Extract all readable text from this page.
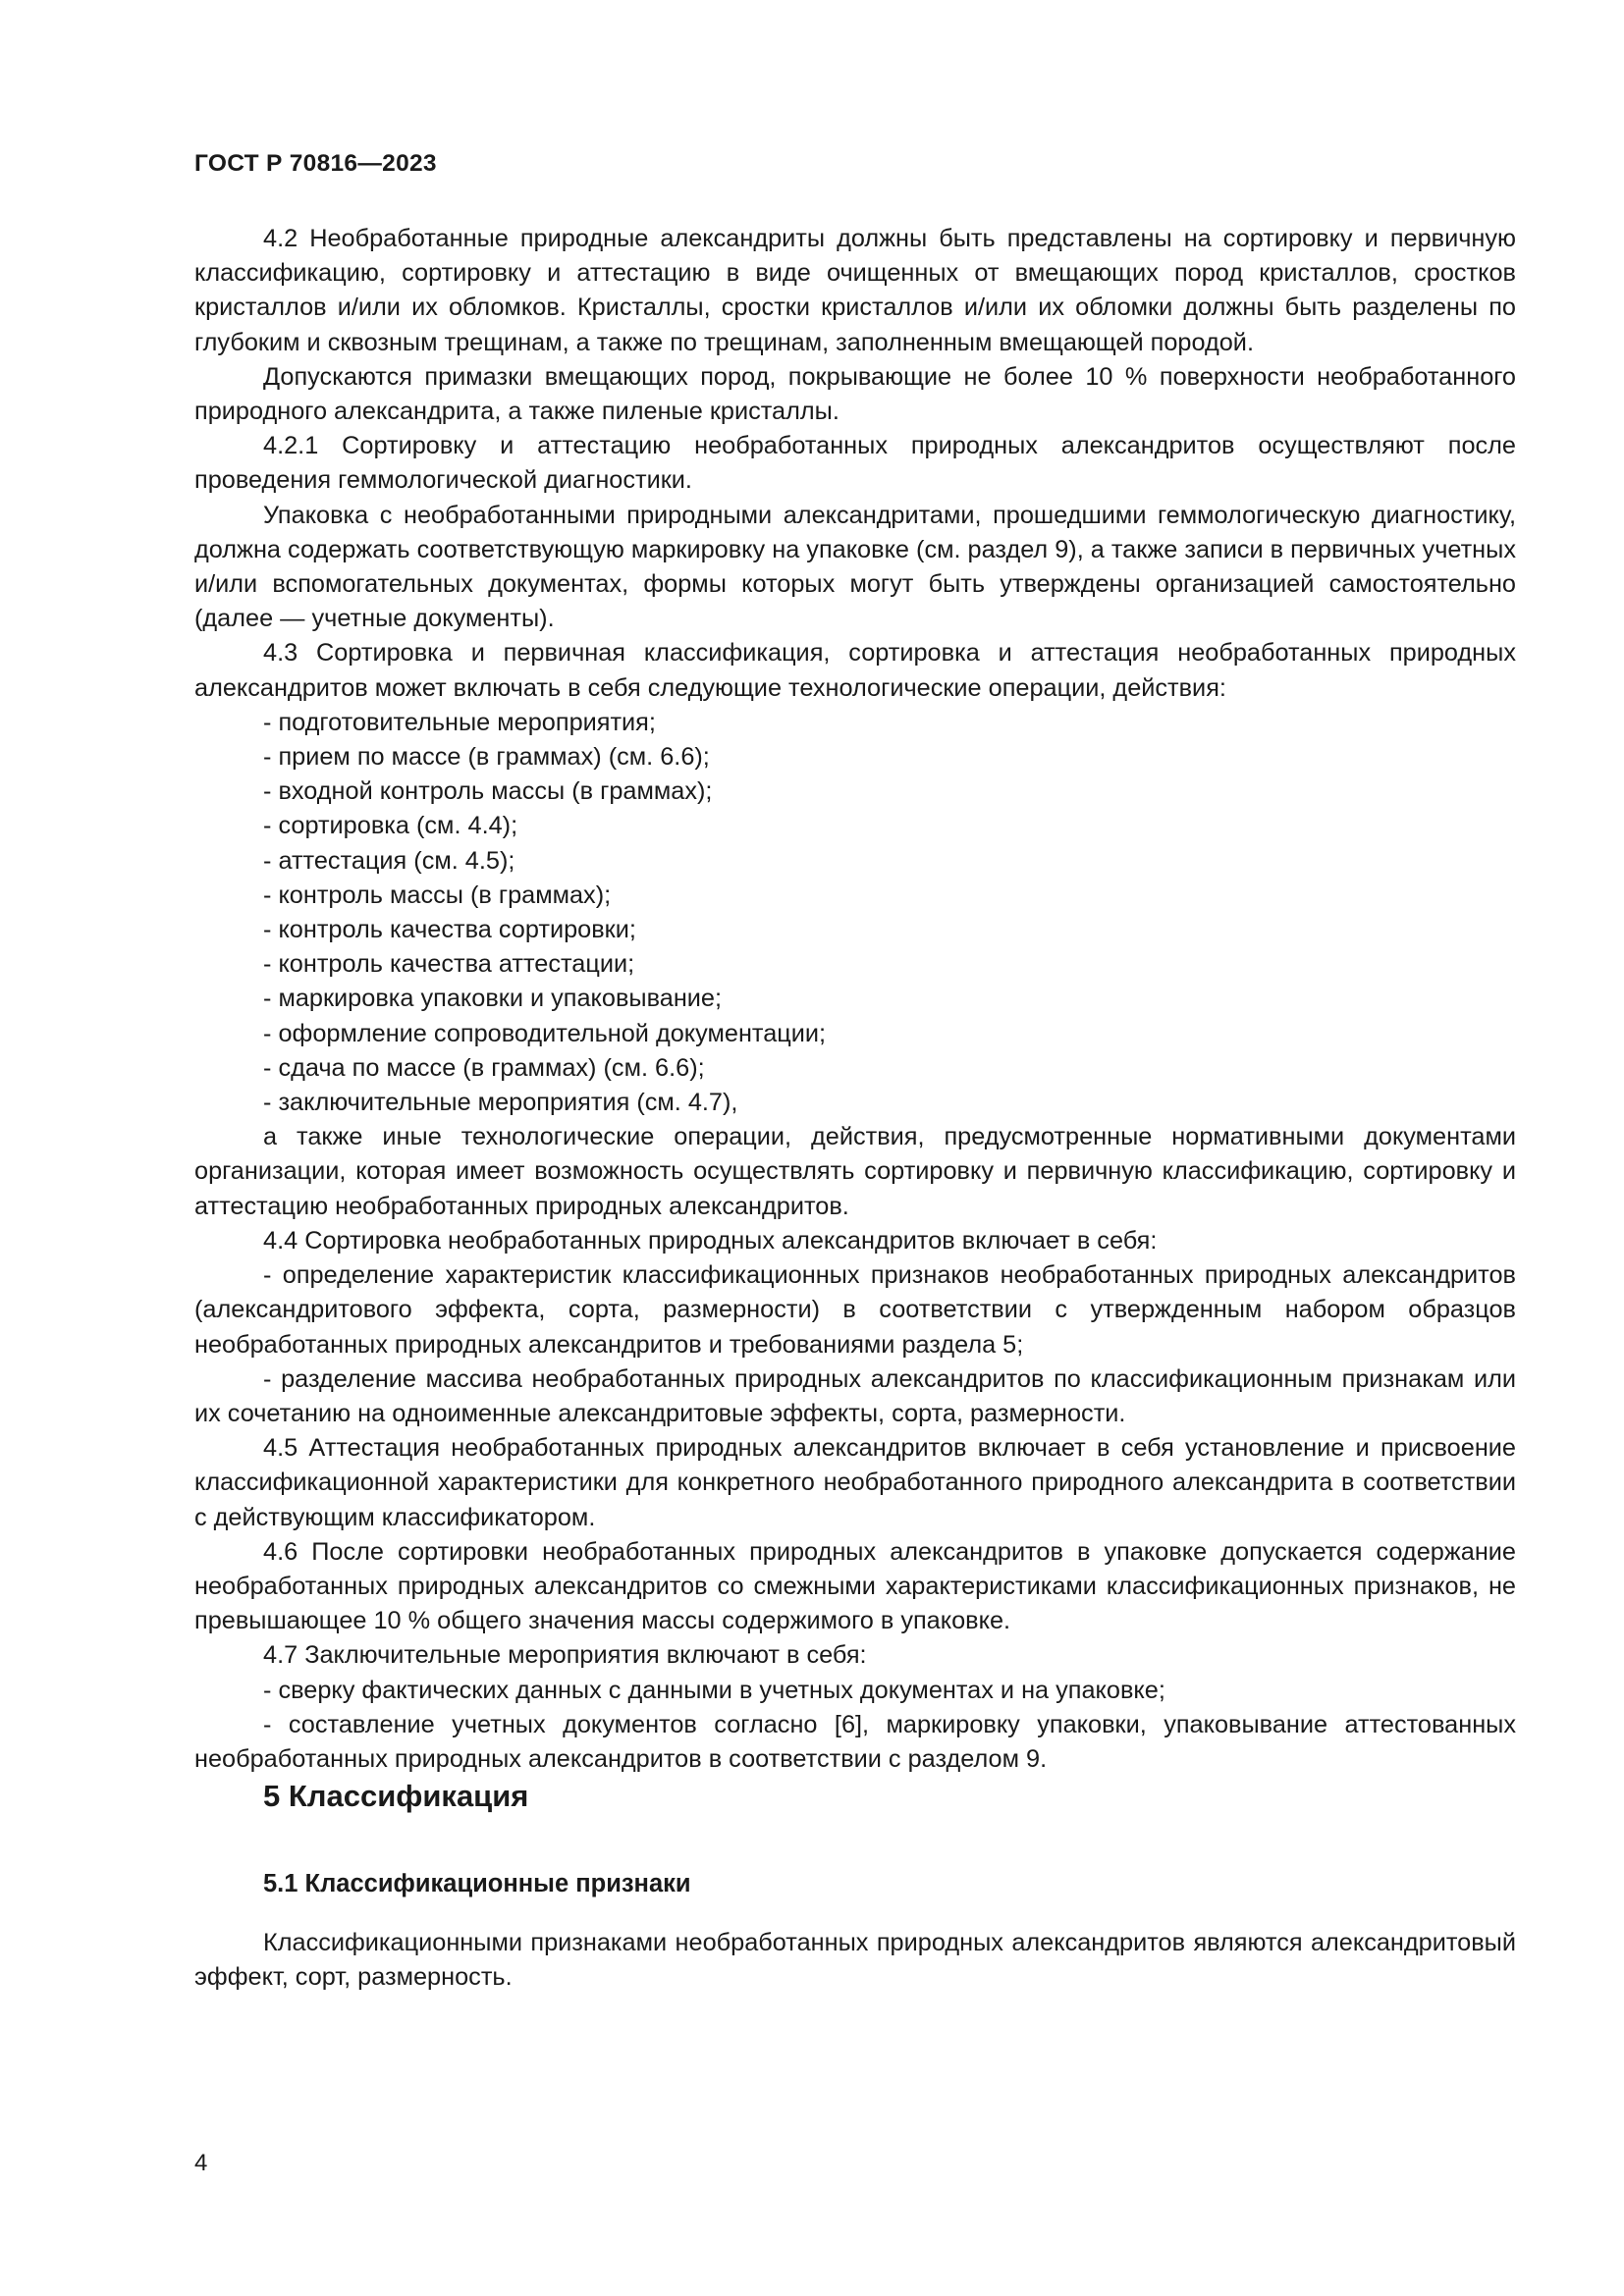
ГОСТ Р 70816—2023

4.2 Необработанные природные александриты должны быть представлены на сортировку и первичную классификацию, сортировку и аттестацию в виде очищенных от вмещающих пород кристаллов, сростков кристаллов и/или их обломков. Кристаллы, сростки кристаллов и/или их обломки должны быть разделены по глубоким и сквозным трещинам, а также по трещинам, заполненным вмещающей породой.

Допускаются примазки вмещающих пород, покрывающие не более 10 % поверхности необработанного природного александрита, а также пиленые кристаллы.

4.2.1 Сортировку и аттестацию необработанных природных александритов осуществляют после проведения геммологической диагностики.

Упаковка с необработанными природными александритами, прошедшими геммологическую диагностику, должна содержать соответствующую маркировку на упаковке (см. раздел 9), а также записи в первичных учетных и/или вспомогательных документах, формы которых могут быть утверждены организацией самостоятельно (далее — учетные документы).

4.3 Сортировка и первичная классификация, сортировка и аттестация необработанных природных александритов может включать в себя следующие технологические операции, действия:

- подготовительные мероприятия;

- прием по массе (в граммах) (см. 6.6);

- входной контроль массы (в граммах);

- сортировка (см. 4.4);

- аттестация (см. 4.5);

- контроль массы (в граммах);

- контроль качества сортировки;

- контроль качества аттестации;

- маркировка упаковки и упаковывание;

- оформление сопроводительной документации;

- сдача по массе (в граммах) (см. 6.6);

- заключительные мероприятия (см. 4.7),

а также иные технологические операции, действия, предусмотренные нормативными документами организации, которая имеет возможность осуществлять сортировку и первичную классификацию, сортировку и аттестацию необработанных природных александритов.

4.4 Сортировка необработанных природных александритов включает в себя:

- определение характеристик классификационных признаков необработанных природных александритов (александритового эффекта, сорта, размерности) в соответствии с утвержденным набором образцов необработанных природных александритов и требованиями раздела 5;

- разделение массива необработанных природных александритов по классификационным признакам или их сочетанию на одноименные александритовые эффекты, сорта, размерности.

4.5 Аттестация необработанных природных александритов включает в себя установление и присвоение классификационной характеристики для конкретного необработанного природного александрита в соответствии с действующим классификатором.

4.6 После сортировки необработанных природных александритов в упаковке допускается содержание необработанных природных александритов со смежными характеристиками классификационных признаков, не превышающее 10 % общего значения массы содержимого в упаковке.

4.7 Заключительные мероприятия включают в себя:

- сверку фактических данных с данными в учетных документах и на упаковке;

- составление учетных документов согласно [6], маркировку упаковки, упаковывание аттестованных необработанных природных александритов в соответствии с разделом 9.

5 Классификация
5.1 Классификационные признаки

Классификационными признаками необработанных природных александритов являются александритовый эффект, сорт, размерность.

4
